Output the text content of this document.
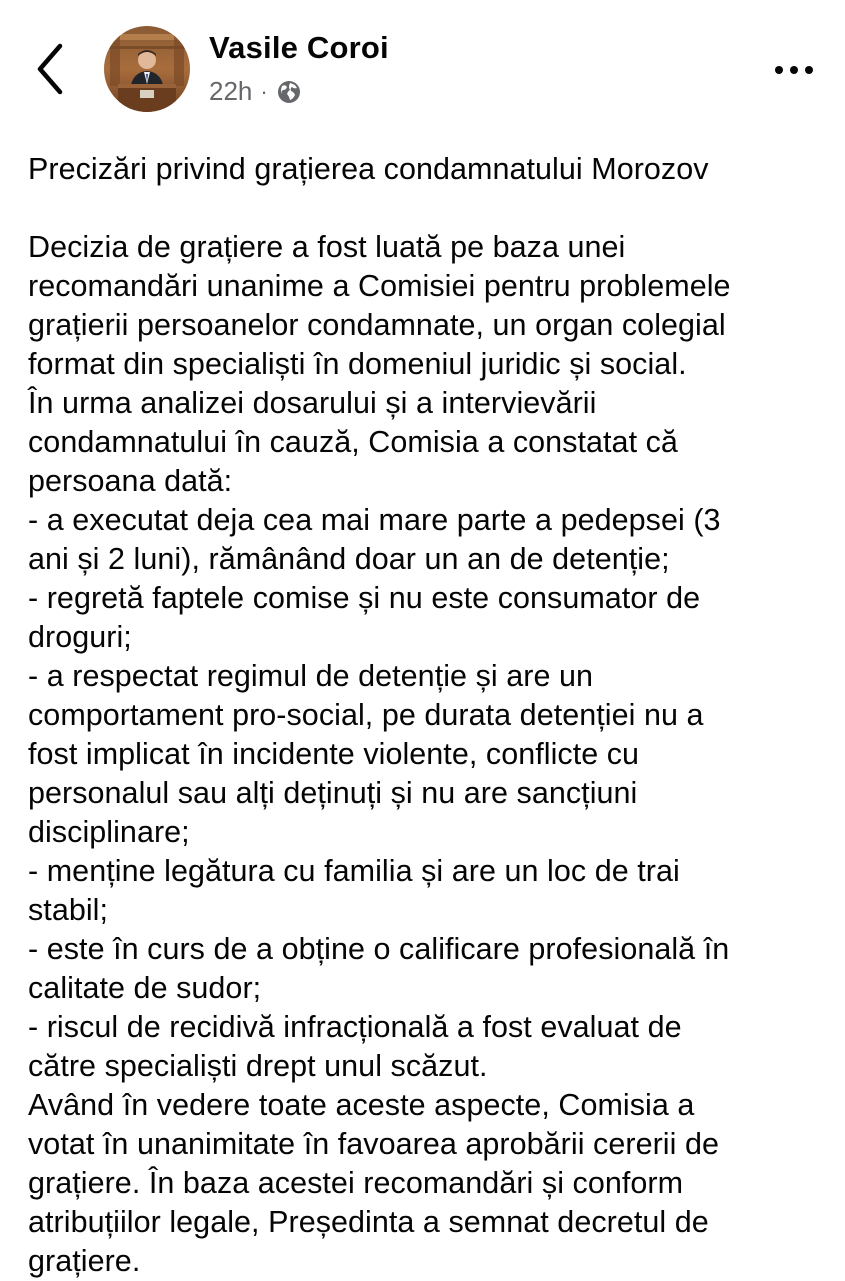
Vasile Coroi
22h ·

Precizări privind grațierea condamnatului Morozov

Decizia de grațiere a fost luată pe baza unei
recomandări unanime a Comisiei pentru problemele
grațierii persoanelor condamnate, un organ colegial
format din specialiști în domeniul juridic și social.
În urma analizei dosarului și a intervievării
condamnatului în cauză, Comisia a constatat că
persoana dată:
- a executat deja cea mai mare parte a pedepsei (3
ani și 2 luni), rămânând doar un an de detenție;
- regretă faptele comise și nu este consumator de
droguri;
- a respectat regimul de detenție și are un
comportament pro-social, pe durata detenției nu a
fost implicat în incidente violente, conflicte cu
personalul sau alți deținuți și nu are sancțiuni
disciplinare;
- menține legătura cu familia și are un loc de trai
stabil;
- este în curs de a obține o calificare profesională în
calitate de sudor;
- riscul de recidivă infracțională a fost evaluat de
către specialiști drept unul scăzut.
Având în vedere toate aceste aspecte, Comisia a
votat în unanimitate în favoarea aprobării cererii de
grațiere. În baza acestei recomandări și conform
atribuțiilor legale, Președinta a semnat decretul de
grațiere.
